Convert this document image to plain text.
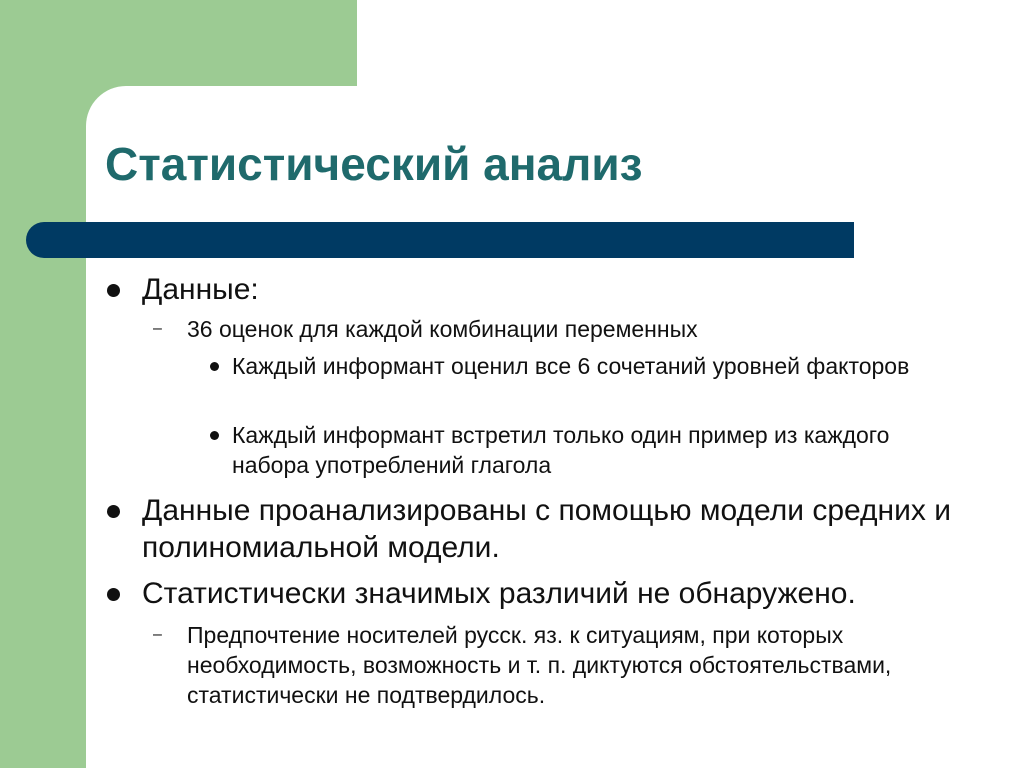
Статистический анализ

Данные:

– 36 оценок для каждой комбинации переменных

Каждый информант оценил все 6 сочетаний уровней факторов

Каждый информант встретил только один пример из каждого набора употреблений глагола

Данные проанализированы с помощью модели средних и полиномиальной модели.

Статистически значимых различий не обнаружено.

– Предпочтение носителей русск. яз. к ситуациям, при которых необходимость, возможность и т. п. диктуются обстоятельствами, статистически не подтвердилось.
